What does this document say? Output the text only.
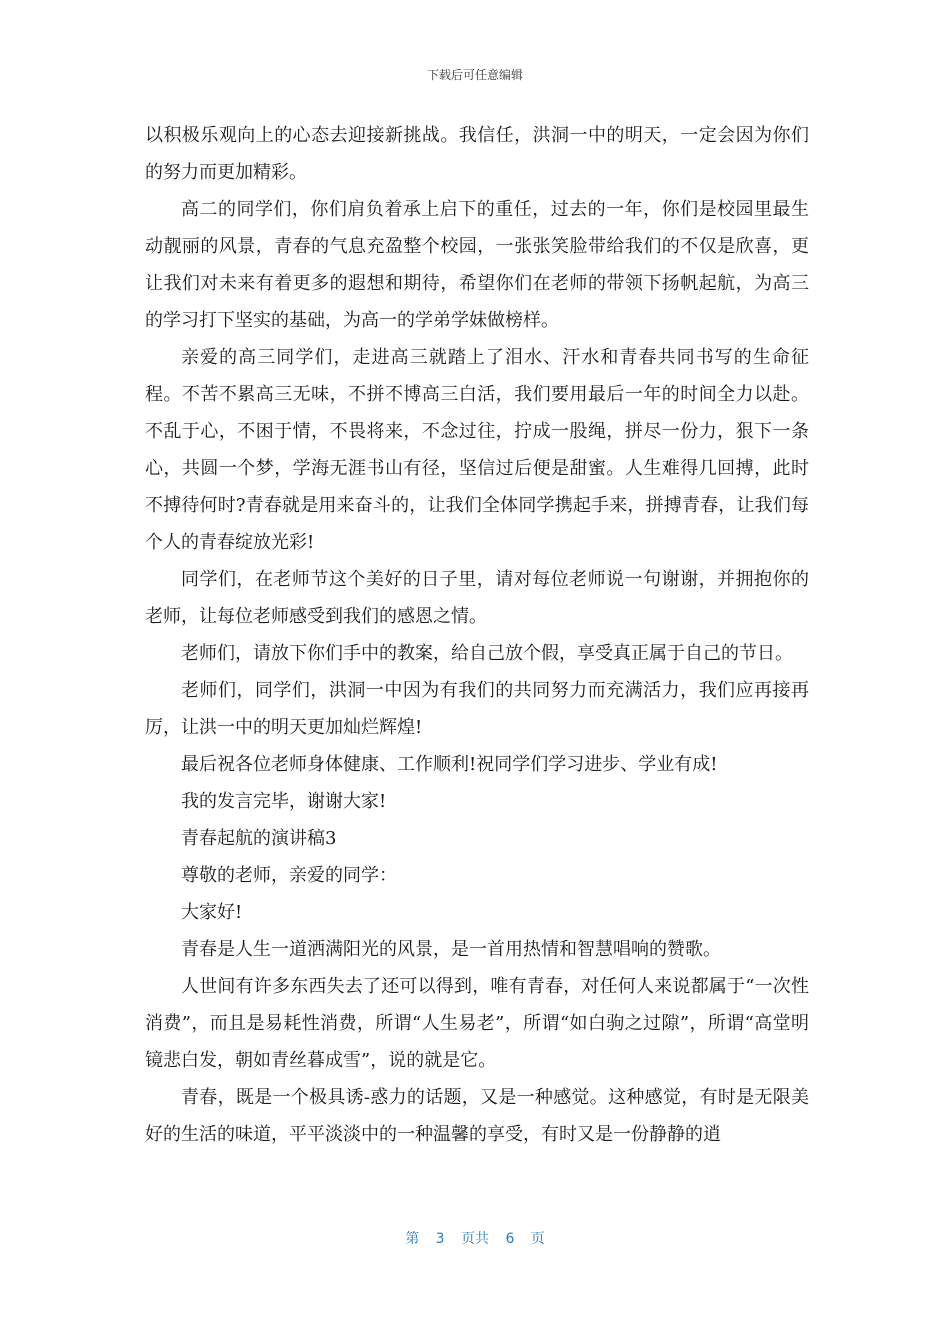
下载后可任意编辑

以积极乐观向上的心态去迎接新挑战。我信任，洪洞一中的明天，一定会因为你们的努力而更加精彩。

高二的同学们，你们肩负着承上启下的重任，过去的一年，你们是校园里最生动靓丽的风景，青春的气息充盈整个校园，一张张笑脸带给我们的不仅是欣喜，更让我们对未来有着更多的遐想和期待，希望你们在老师的带领下扬帆起航，为高三的学习打下坚实的基础，为高一的学弟学妹做榜样。

亲爱的高三同学们，走进高三就踏上了泪水、汗水和青春共同书写的生命征程。不苦不累高三无味，不拼不博高三白活，我们要用最后一年的时间全力以赴。不乱于心，不困于情，不畏将来，不念过往，拧成一股绳，拼尽一份力，狠下一条心，共圆一个梦，学海无涯书山有径，坚信过后便是甜蜜。人生难得几回搏，此时不搏待何时?青春就是用来奋斗的，让我们全体同学携起手来，拼搏青春，让我们每个人的青春绽放光彩!

同学们，在老师节这个美好的日子里，请对每位老师说一句谢谢，并拥抱你的老师，让每位老师感受到我们的感恩之情。

老师们，请放下你们手中的教案，给自己放个假，享受真正属于自己的节日。

老师们，同学们，洪洞一中因为有我们的共同努力而充满活力，我们应再接再厉，让洪一中的明天更加灿烂辉煌!

最后祝各位老师身体健康、工作顺利!祝同学们学习进步、学业有成!

我的发言完毕，谢谢大家!

青春起航的演讲稿3

尊敬的老师，亲爱的同学：

大家好!

青春是人生一道洒满阳光的风景，是一首用热情和智慧唱响的赞歌。

人世间有许多东西失去了还可以得到，唯有青春，对任何人来说都属于“一次性消费”，而且是易耗性消费，所谓“人生易老”，所谓“如白驹之过隙”，所谓“高堂明镜悲白发，朝如青丝暮成雪”，说的就是它。

青春，既是一个极具诱-惑力的话题，又是一种感觉。这种感觉，有时是无限美好的生活的味道，平平淡淡中的一种温馨的享受，有时又是一份静静的逍

第 3 页共 6 页
